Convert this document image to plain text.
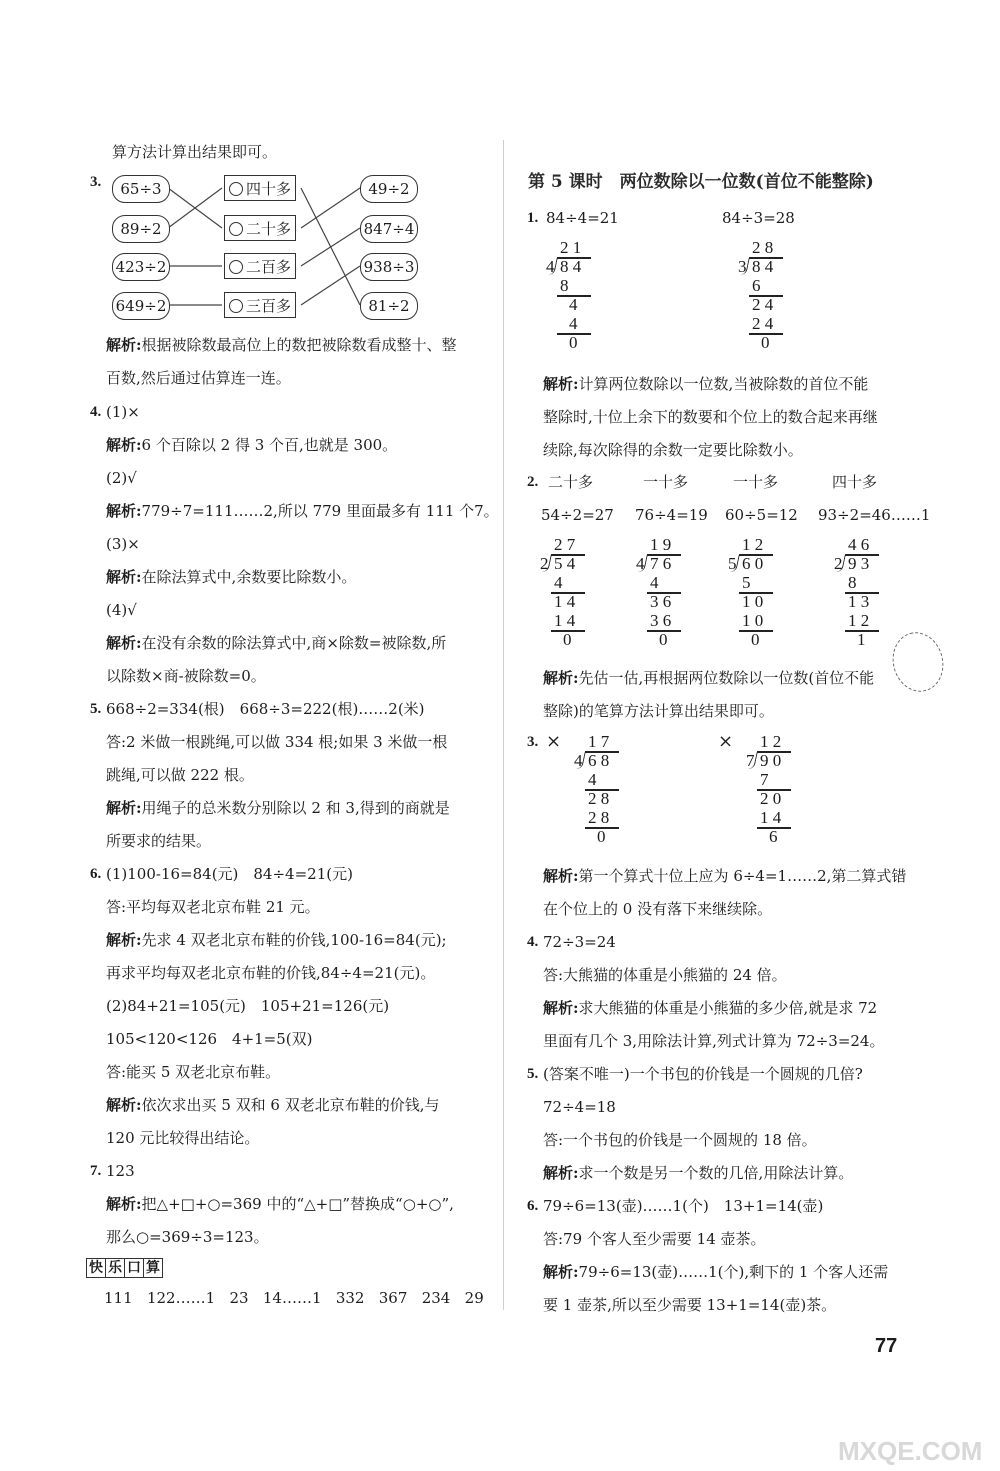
算方法计算出结果即可。
3.	65÷3
89÷2
423÷2
649÷2
四十多
二十多
二百多
三百多
49÷2
847÷4
938÷3
81÷2
解析:根据被除数最高位上的数把被除数看成整十、整
百数,然后通过估算连一连。
4. (1)×
解析:6 个百除以 2 得 3 个百,也就是 300。
(2)√
解析:779÷7=111……2,所以 779 里面最多有 111 个7。
(3)×
解析:在除法算式中,余数要比除数小。
(4)√
解析:在没有余数的除法算式中,商×除数=被除数,所
以除数×商-被除数=0。
5. 668÷2=334(根)　668÷3=222(根)……2(米)
答:2 米做一根跳绳,可以做 334 根;如果 3 米做一根
跳绳,可以做 222 根。
解析:用绳子的总米数分别除以 2 和 3,得到的商就是
所要求的结果。
6. (1)100-16=84(元)　84÷4=21(元)
答:平均每双老北京布鞋 21 元。
解析:先求 4 双老北京布鞋的价钱,100-16=84(元);
再求平均每双老北京布鞋的价钱,84÷4=21(元)。
(2)84+21=105(元)　105+21=126(元)
105<120<126　4+1=5(双)
答:能买 5 双老北京布鞋。
解析:依次求出买 5 双和 6 双老北京布鞋的价钱,与
120 元比较得出结论。
7. 123
解析:把△+□+○=369 中的“△+□”替换成“○+○”,
那么○=369÷3=123。
快 乐 口 算
111 122……1 23 14……1 332 367 234 29
第 5 课时　两位数除以一位数(首位不能整除)
1. 84÷4=21	84÷3=28
2 1
4 8 4
8
4
4
0
2 8
3 8 4
6
2 4
2 4
0
解析:计算两位数除以一位数,当被除数的首位不能
整除时,十位上余下的数要和个位上的数合起来再继
续除,每次除得的余数一定要比除数小。
2. 二十多	一十多	一十多	四十多
54÷2=27 76÷4=19 60÷5=12 93÷2=46……1
2 7
2 5 4
4
1 4
1 4
0
1 9
4 7 6
4
3 6
3 6
0
1 2
5 6 0
5
1 0
1 0
0
4 6
2 9 3
8
1 3
1 2
1
解析:先估一估,再根据两位数除以一位数(首位不能
整除)的笔算方法计算出结果即可。
3. ×	×
1 7
4 6 8
4
2 8
2 8
0
1 2
7 9 0
7
2 0
1 4
6
解析:第一个算式十位上应为 6÷4=1……2,第二算式错
在个位上的 0 没有落下来继续除。
4. 72÷3=24
答:大熊猫的体重是小熊猫的 24 倍。
解析:求大熊猫的体重是小熊猫的多少倍,就是求 72
里面有几个 3,用除法计算,列式计算为 72÷3=24。
5. (答案不唯一)一个书包的价钱是一个圆规的几倍?
72÷4=18
答:一个书包的价钱是一个圆规的 18 倍。
解析:求一个数是另一个数的几倍,用除法计算。
6. 79÷6=13(壶)……1(个)　13+1=14(壶)
答:79 个客人至少需要 14 壶茶。
解析:79÷6=13(壶)……1(个),剩下的 1 个客人还需
要 1 壶茶,所以至少需要 13+1=14(壶)茶。
77
MXQE.COM
